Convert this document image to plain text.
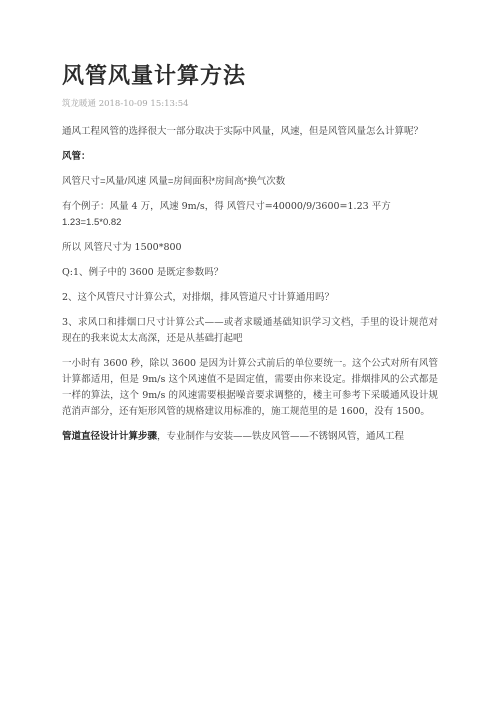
风管风量计算方法
筑龙暖通 2018-10-09 15:13:54

通风工程风管的选择很大一部分取决于实际中风量，风速，但是风管风量怎么计算呢？

风管：

风管尺寸=风量/风速 风量=房间面积*房间高*换气次数

有个例子：风量 4 万，风速 9m/s，得 风管尺寸=40000/9/3600=1.23 平方

1.23=1.5*0.82

所以 风管尺寸为 1500*800

Q:1、例子中的 3600 是既定参数吗？

2、这个风管尺寸计算公式，对排烟，排风管道尺寸计算通用吗？

3、求风口和排烟口尺寸计算公式——或者求暖通基础知识学习文档，手里的设计规范对现在的我来说太太高深，还是从基础打起吧

一小时有 3600 秒，除以 3600 是因为计算公式前后的单位要统一。这个公式对所有风管计算都适用，但是 9m/s 这个风速值不是固定值，需要由你来设定。排烟排风的公式都是一样的算法，这个 9m/s 的风速需要根据噪音要求调整的，楼主可参考下采暖通风设计规范消声部分，还有矩形风管的规格建议用标准的，施工规范里的是 1600，没有 1500。

管道直径设计计算步骤，专业制作与安装——铁皮风管——不锈钢风管，通风工程
